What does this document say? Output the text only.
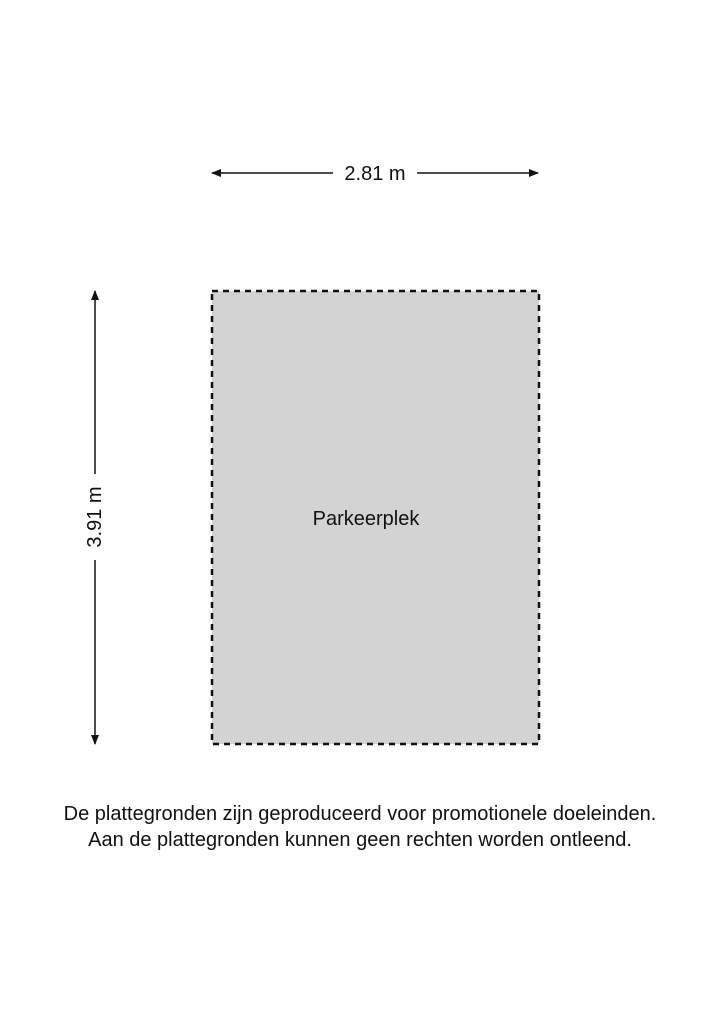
2.81 m
3.91 m	Parkeerplek
De plattegronden zijn geproduceerd voor promotionele doeleinden.
Aan de plattegronden kunnen geen rechten worden ontleend.
